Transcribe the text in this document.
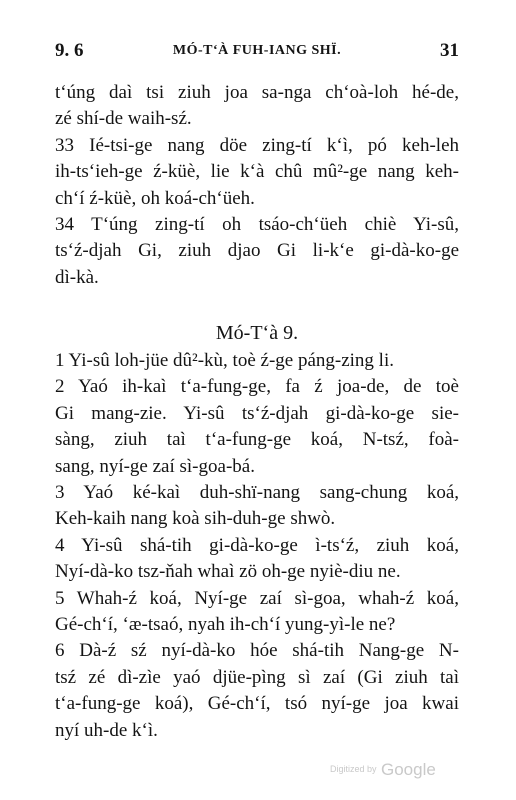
9. 6	MÓ-T‘À FUH-IANG SHÏ.	31

t‘úng daì tsi ziuh joa sa-nga ch‘oà-loh hé-de,
zé shí-de waih-sź.

33 Ié-tsi-ge nang döe zing-tí k‘ì, pó keh-leh
ih-ts‘ieh-ge ź-küè, lie k‘à chû mû²-ge nang keh-
ch‘í ź-küè, oh koá-ch‘üeh.

34 T‘úng zing-tí oh tsáo-ch‘üeh chiè Yi-sû,
ts‘ź-djah Gi, ziuh djao Gi li-k‘e gi-dà-ko-ge
dì-kà.

Mó-T‘à 9.

1 Yi-sû loh-jüe dû²-kù, toè ź-ge páng-zing li.

2 Yaó ih-kaì t‘a-fung-ge, fa ź joa-de, de toè
Gi mang-zie. Yi-sû ts‘ź-djah gi-dà-ko-ge sie-
sàng, ziuh taì t‘a-fung-ge koá, N-tsź, foà-
sang, nyí-ge zaí sì-goa-bá.

3 Yaó ké-kaì duh-shï-nang sang-chung koá,
Keh-kaih nang koà sih-duh-ge shwò.

4 Yi-sû shá-tih gi-dà-ko-ge ì-ts‘ź, ziuh koá,
Nyí-dà-ko tsz-ňah whaì zö oh-ge nyiè-diu ne.

5 Whah-ź koá, Nyí-ge zaí sì-goa, whah-ź koá,
Gé-ch‘í, ‘æ-tsaó, nyah ih-ch‘í yung-yì-le ne?

6 Dà-ź sź nyí-dà-ko hóe shá-tih Nang-ge N-
tsź zé dì-zìe yaó djüe-pìng sì zaí (Gi ziuh taì
t‘a-fung-ge koá), Gé-ch‘í, tsó nyí-ge joa kwai
nyí uh-de k‘ì.

Digitized by Google
